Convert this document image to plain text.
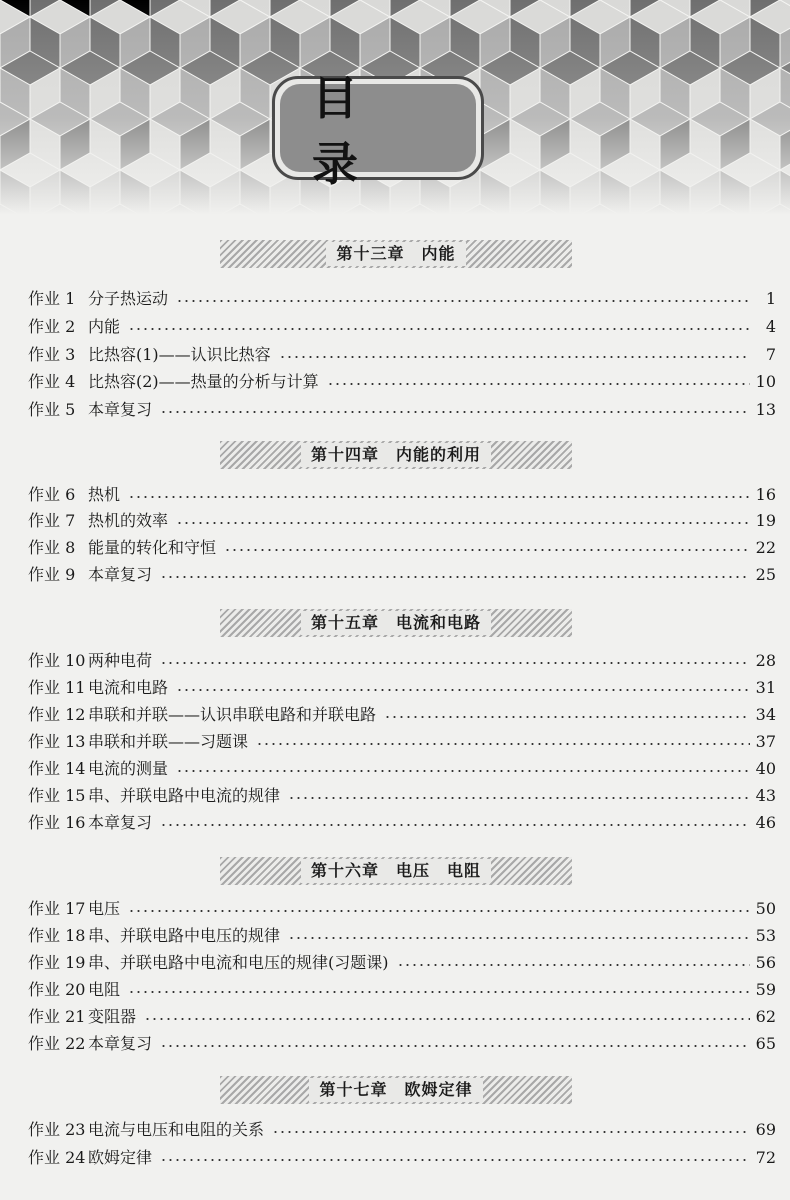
目　录
第十三章　内能
作业 1 分子热运动	1
作业 2 内能	4
作业 3 比热容(1)——认识比热容	7
作业 4 比热容(2)——热量的分析与计算	10
作业 5 本章复习	13
第十四章　内能的利用
作业 6 热机	16
作业 7 热机的效率	19
作业 8 能量的转化和守恒	22
作业 9 本章复习	25
第十五章　电流和电路
作业 10 两种电荷	28
作业 11 电流和电路	31
作业 12 串联和并联——认识串联电路和并联电路	34
作业 13 串联和并联——习题课	37
作业 14 电流的测量	40
作业 15 串、并联电路中电流的规律	43
作业 16 本章复习	46
第十六章　电压　电阻
作业 17 电压	50
作业 18 串、并联电路中电压的规律	53
作业 19 串、并联电路中电流和电压的规律(习题课)	56
作业 20 电阻	59
作业 21 变阻器	62
作业 22 本章复习	65
第十七章　欧姆定律
作业 23 电流与电压和电阻的关系	69
作业 24 欧姆定律	72
